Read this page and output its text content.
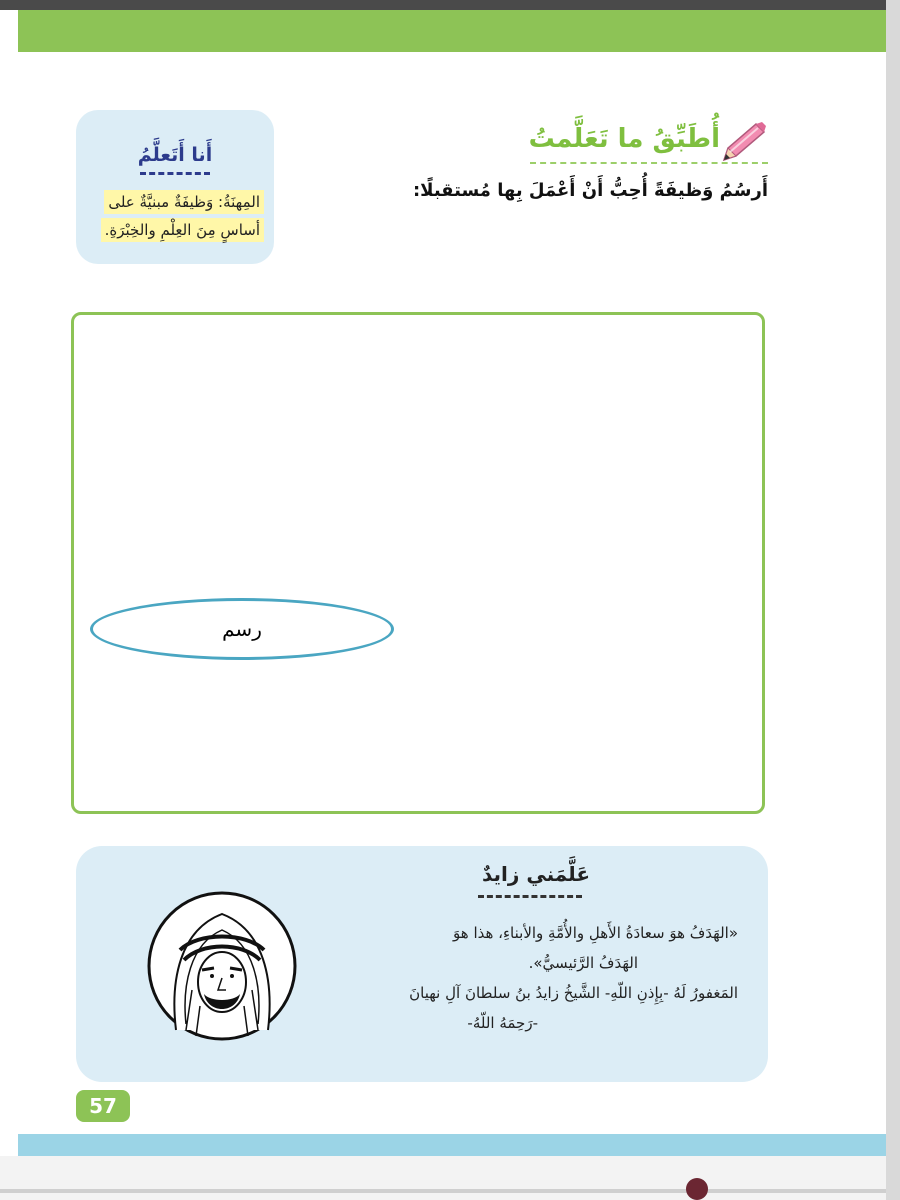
أَنا أَتَعلَّمُ
المِهنَةُ: وَظيفَةٌ مبنيَّةٌ على
أساسٍ مِنَ العِلْمِ والخِبْرَةِ.
أُطَبِّقُ ما تَعَلَّمتُ
أَرسُمُ وَظيفَةً أُحِبُّ أَنْ أَعْمَلَ بِها مُستقبلًا:
رسم
عَلَّمَني زايدٌ
«الهَدَفُ هوَ سعادَةُ الأَهلِ والأُمَّةِ والأبناءِ، هذا هوَ
الهَدَفُ الرَّئيسيُّ».
المَغفورُ لَهُ -بِإِذنِ اللّهِ- الشَّيخُ زايدُ بنُ سلطانَ آلِ نهيانَ
-رَحِمَهُ اللّهُ-
57
